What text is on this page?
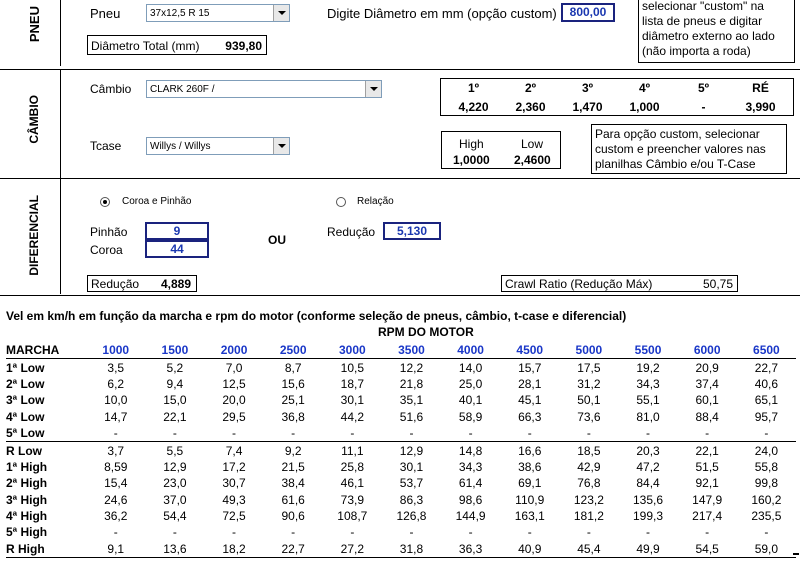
PNEU	Pneu	37x12,5 R 15	Digite Diâmetro em mm (opção custom)	800,00
Diâmetro Total (mm) 939,80
selecionar "custom" na
lista de pneus e digitar
diâmetro externo ao lado
(não importa a roda)
CÂMBIO
Câmbio CLARK 260F /	1º	2º	3º	4º	5º	RÉ
4,220	2,360	1,470	1,000	-	3,990
Tcase	Willys / Willys	High	Low
1,0000 2,4600
Para opção custom, selecionar
custom e preencher valores nas
planilhas Câmbio e/ou T-Case
DIFERENCIAL	Coroa e Pinhão	Relação
Pinhão	9
Coroa	44
OU
Redução	5,130
Redução 4,889	Crawl Ratio (Redução Máx)	50,75
Vel em km/h em função da marcha e rpm do motor (conforme seleção de pneus, câmbio, t-case e diferencial)
RPM DO MOTOR
MARCHA	1000	1500	2000	2500	3000	3500	4000	4500	5000	5500	6000	6500
1ª Low	3,5	5,2	7,0	8,7	10,5	12,2	14,0	15,7	17,5	19,2	20,9	22,7
2ª Low	6,2	9,4	12,5	15,6	18,7	21,8	25,0	28,1	31,2	34,3	37,4	40,6
3ª Low	10,0	15,0	20,0	25,1	30,1	35,1	40,1	45,1	50,1	55,1	60,1	65,1
4ª Low	14,7	22,1	29,5	36,8	44,2	51,6	58,9	66,3	73,6	81,0	88,4	95,7
5ª Low	-	-	-	-	-	-	-	-	-	-	-	-
R Low	3,7	5,5	7,4	9,2	11,1	12,9	14,8	16,6	18,5	20,3	22,1	24,0
1ª High	8,59	12,9	17,2	21,5	25,8	30,1	34,3	38,6	42,9	47,2	51,5	55,8
2ª High	15,4	23,0	30,7	38,4	46,1	53,7	61,4	69,1	76,8	84,4	92,1	99,8
3ª High	24,6	37,0	49,3	61,6	73,9	86,3	98,6	110,9	123,2	135,6	147,9	160,2
4ª High	36,2	54,4	72,5	90,6	108,7	126,8	144,9	163,1	181,2	199,3	217,4	235,5
5ª High	-	-	-	-	-	-	-	-	-	-	-	-
R High	9,1	13,6	18,2	22,7	27,2	31,8	36,3	40,9	45,4	49,9	54,5	59,0
